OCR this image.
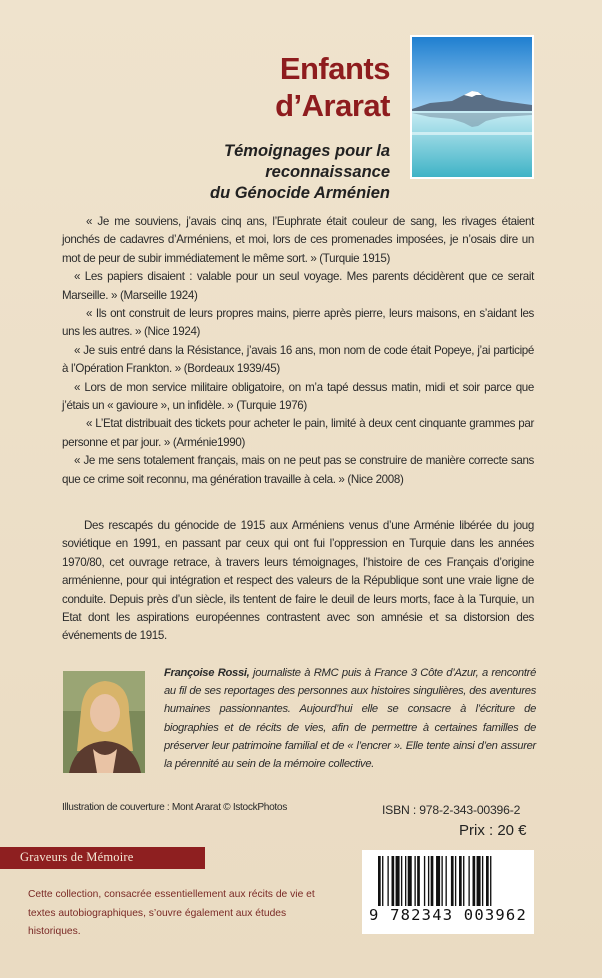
Enfants
d’Ararat
Témoignages pour la reconnaissance
du Génocide Arménien

« Je me souviens, j’avais cinq ans, l’Euphrate était couleur de sang, les rivages étaient jonchés de cadavres d’Arméniens, et moi, lors de ces promenades imposées, je n’osais dire un mot de peur de subir immédiatement le même sort. » (Turquie 1915)

« Les papiers disaient : valable pour un seul voyage. Mes parents décidèrent que ce serait Marseille. » (Marseille 1924)

« Ils ont construit de leurs propres mains, pierre après pierre, leurs maisons, en s’aidant les uns les autres. » (Nice 1924)

« Je suis entré dans la Résistance, j’avais 16 ans, mon nom de code était Popeye, j’ai participé à l’Opération Frankton. » (Bordeaux 1939/45)

« Lors de mon service militaire obligatoire, on m’a tapé dessus matin, midi et soir parce que j’étais un « gavioure », un infidèle. » (Turquie 1976)

« L’Etat distribuait des tickets pour acheter le pain, limité à deux cent cinquante grammes par personne et par jour. » (Arménie1990)

« Je me sens totalement français, mais on ne peut pas se construire de manière correcte sans que ce crime soit reconnu, ma génération travaille à cela. » (Nice 2008)

Des rescapés du génocide de 1915 aux Arméniens venus d’une Arménie libérée du joug soviétique en 1991, en passant par ceux qui ont fui l’oppression en Turquie dans les années 1970/80, cet ouvrage retrace, à travers leurs témoignages, l’histoire de ces Français d’origine arménienne, pour qui intégration et respect des valeurs de la République sont une vraie ligne de conduite. Depuis près d’un siècle, ils tentent de faire le deuil de leurs morts, face à la Turquie, un Etat dont les aspirations européennes contrastent avec son amnésie et sa distorsion des événements de 1915.

Françoise Rossi, journaliste à RMC puis à France 3 Côte d’Azur, a rencontré au fil de ses reportages des personnes aux histoires singulières, des aventures humaines passionnantes. Aujourd’hui elle se consacre à l’écriture de biographies et de récits de vies, afin de permettre à certaines familles de préserver leur patrimoine familial et de « l’encrer ». Elle tente ainsi d’en assurer la pérennité au sein de la mémoire collective.

Illustration de couverture : Mont Ararat © IstockPhotos	ISBN : 978-2-343-00396-2
Prix : 20 €
Graveurs de Mémoire

Cette collection, consacrée essentiellement aux récits de vie et textes autobiographiques, s’ouvre également aux études historiques.

9 782343 003962
